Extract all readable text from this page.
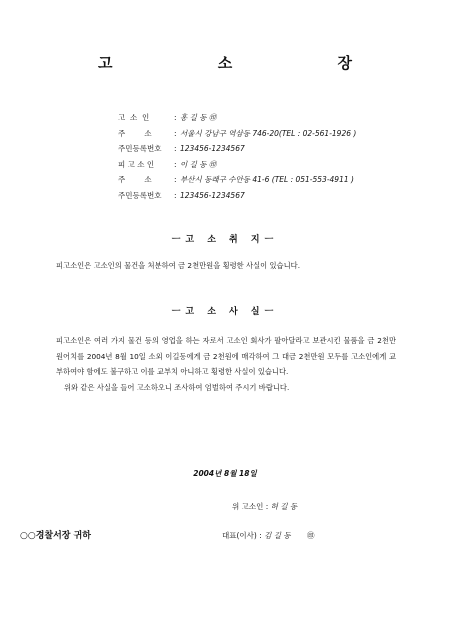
고 소 장
고  소  인	: 홍 길 동 ㊞
주        소	: 서울시 강남구 역삼동 746-20(TEL : 02-561-1926 )
주민등록번호	: 123456-1234567
피 고 소 인	: 이 길 동 ㊞
주        소	: 부산시 동래구 수안동 41-6 (TEL : 051-553-4911 )
주민등록번호	: 123456-1234567
ㅡ고 소 취 지ㅡ
피고소인은 고소인의 물건을 처분하여 금 2천만원을 횡령한 사실이 있습니다.
ㅡ고 소 사 실ㅡ
피고소인은 여러 가지 물건 등의 영업을 하는 자로서 고소인 회사가 팔아달라고 보관시킨 물품을 금 2천만원어치를 2004년 8월 10일 소외 이길동에게 금 2천원에 매각하여 그 대금 2천만원 모두를 고소인에게 교부하여야 함에도 불구하고 이를 교부치 아니하고 횡령한 사실이 있습니다.
위와 같은 사실을 들어 고소하오니 조사하여 엄벌하여 주시기 바랍니다.
2004년 8월 18일
위 고소인 : 허 길 동
대표(이사) : 김 길 동 ㊞
○○경찰서장 귀하
